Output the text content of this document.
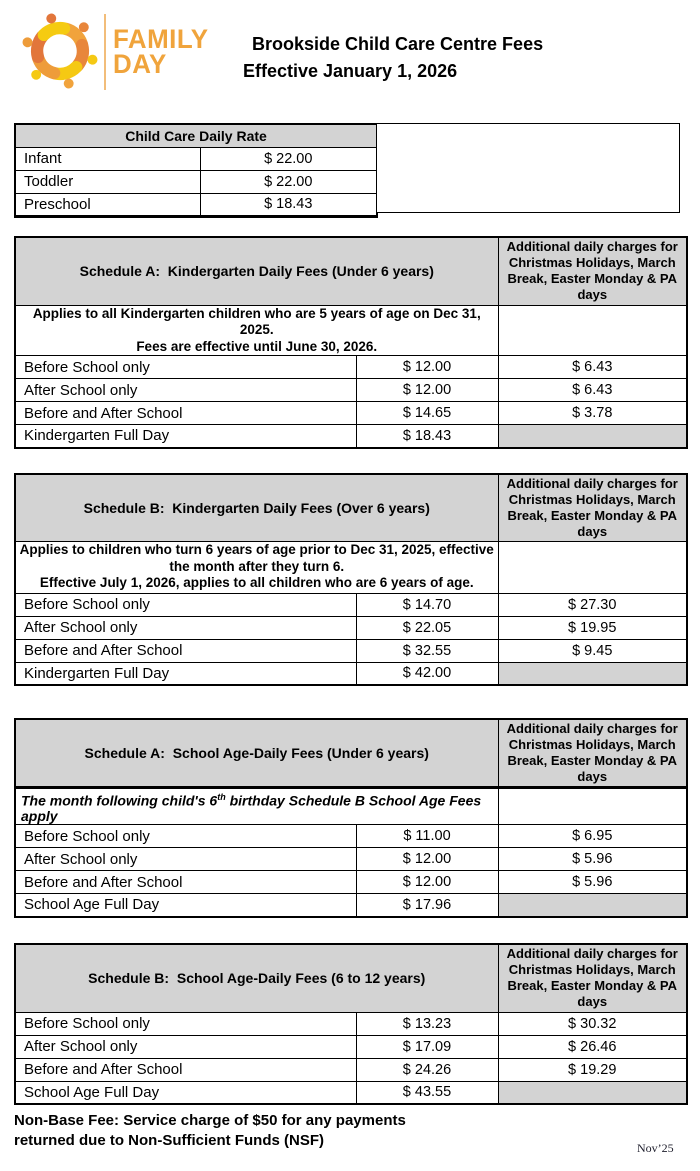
FAMILY
DAY
Brookside Child Care Centre Fees
Effective January 1, 2026
Child Care Daily Rate	
Infant	$ 22.00
Toddler	$ 22.00
Preschool	$ 18.43
Schedule A:  Kindergarten Daily Fees (Under 6 years)		Additional daily charges for Christmas Holidays, March Break, Easter Monday & PA days

Applies to all Kindergarten children who are 5 years of age on Dec 31, 2025.
Fees are effective until June 30, 2026.		

Before School only	$ 12.00	$ 6.43
After School only	$ 12.00	$ 6.43
Before and After School	$ 14.65	$ 3.78
Kindergarten Full Day	$ 18.43	
Schedule B:  Kindergarten Daily Fees (Over 6 years)		Additional daily charges for Christmas Holidays, March Break, Easter Monday & PA days

Applies to children who turn 6 years of age prior to Dec 31, 2025, effective
the month after they turn 6.
Effective July 1, 2026, applies to all children who are 6 years of age.		

Before School only	$ 14.70	$ 27.30
After School only	$ 22.05	$ 19.95
Before and After School	$ 32.55	$ 9.45
Kindergarten Full Day	$ 42.00	
Schedule A:  School Age-Daily Fees (Under 6 years)		Additional daily charges for Christmas Holidays, March Break, Easter Monday & PA days
The month following child's 6th birthday Schedule B School Age Fees apply		
Before School only	$ 11.00	$ 6.95
After School only	$ 12.00	$ 5.96
Before and After School	$ 12.00	$ 5.96
School Age Full Day	$ 17.96	
Schedule B:  School Age-Daily Fees (6 to 12 years)		Additional daily charges for Christmas Holidays, March Break, Easter Monday & PA days
Before School only	$ 13.23	$ 30.32
After School only	$ 17.09	$ 26.46
Before and After School	$ 24.26	$ 19.29
School Age Full Day	$ 43.55	
Non-Base Fee: Service charge of $50 for any payments
returned due to Non-Sufficient Funds (NSF)	Nov’25
